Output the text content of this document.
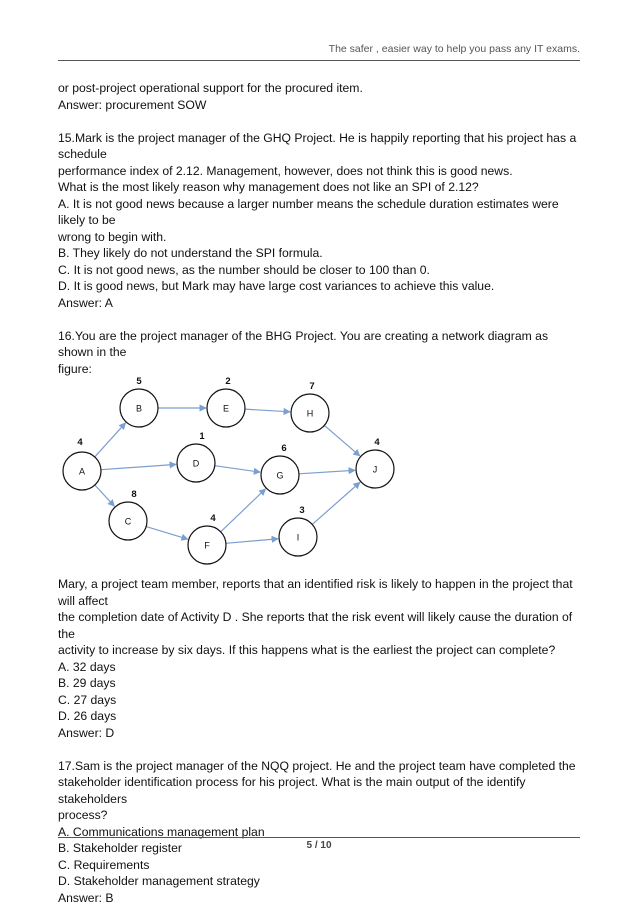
The safer , easier way to help you pass any IT exams.

or post-project operational support for the procured item.

Answer: procurement SOW

15.Mark is the project manager of the GHQ Project. He is happily reporting that his project has a schedule

performance index of 2.12. Management, however, does not think this is good news.

What is the most likely reason why management does not like an SPI of 2.12?

A. It is not good news because a larger number means the schedule duration estimates were likely to be

wrong to begin with.

B. They likely do not understand the SPI formula.

C. It is not good news, as the number should be closer to 100 than 0.

D. It is good news, but Mark may have large cost variances to achieve this value.

Answer: A

16.You are the project manager of the BHG Project. You are creating a network diagram as shown in the

figure:

A
4
B
5
C
8
D
1
E
2
F
4
G
6
H
7
I
3
J
4

Mary, a project team member, reports that an identified risk is likely to happen in the project that will affect

the completion date of Activity D . She reports that the risk event will likely cause the duration of the

activity to increase by six days. If this happens what is the earliest the project can complete?

A. 32 days

B. 29 days

C. 27 days

D. 26 days

Answer: D

17.Sam is the project manager of the NQQ project. He and the project team have completed the

stakeholder identification process for his project. What is the main output of the identify stakeholders

process?

A. Communications management plan

B. Stakeholder register

C. Requirements

D. Stakeholder management strategy

Answer: B

5 / 10
